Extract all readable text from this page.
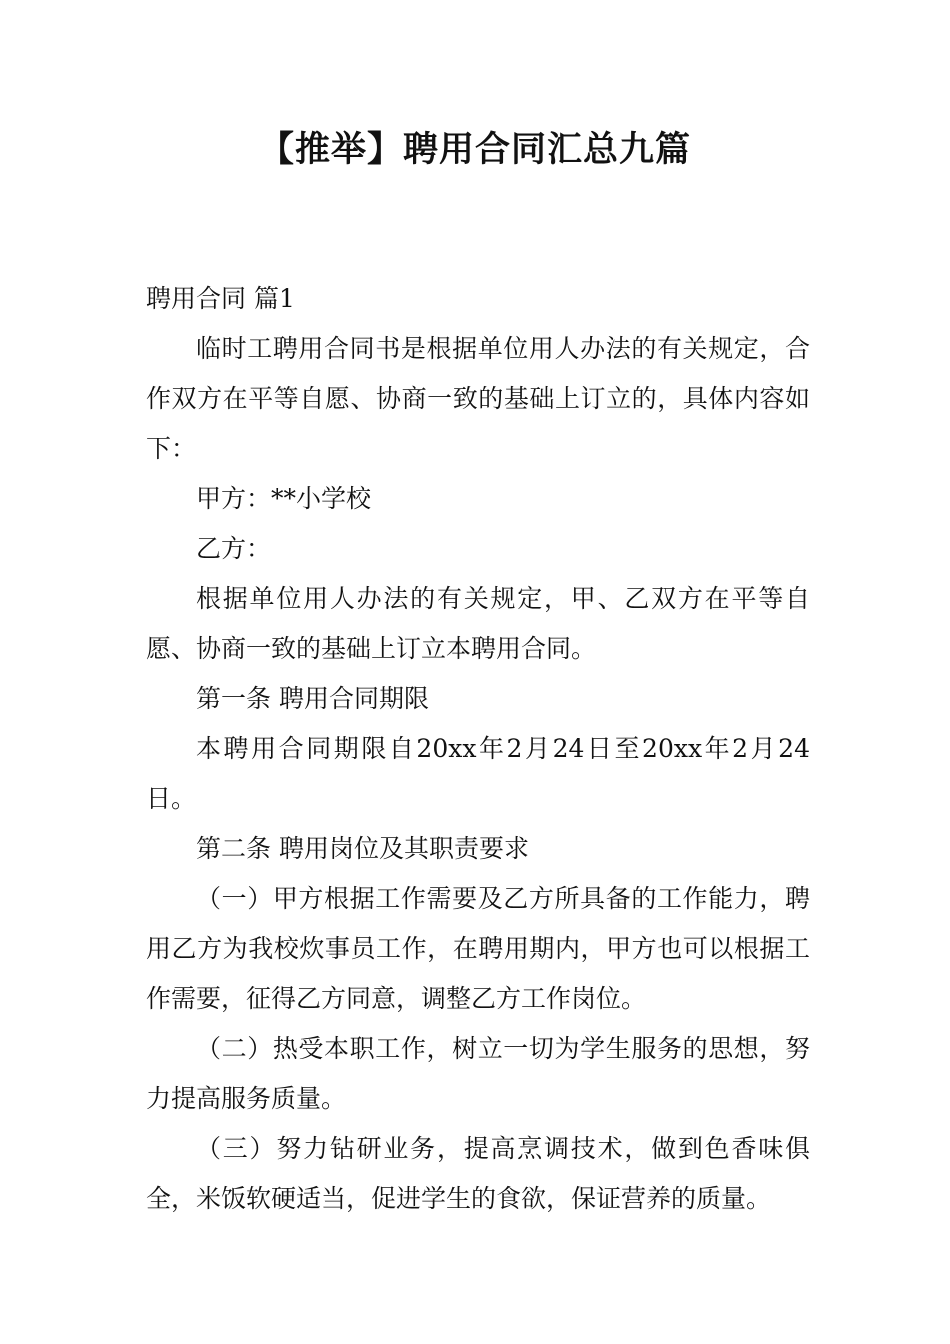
【推举】聘用合同汇总九篇

聘用合同 篇1

临时工聘用合同书是根据单位用人办法的有关规定，合作双方在平等自愿、协商一致的基础上订立的，具体内容如下：

甲方：**小学校

乙方：

根据单位用人办法的有关规定，甲、乙双方在平等自愿、协商一致的基础上订立本聘用合同。

第一条 聘用合同期限

本聘用合同期限自20xx年2月24日至20xx年2月24日。

第二条 聘用岗位及其职责要求

（一）甲方根据工作需要及乙方所具备的工作能力，聘用乙方为我校炊事员工作，在聘用期内，甲方也可以根据工作需要，征得乙方同意，调整乙方工作岗位。

（二）热受本职工作，树立一切为学生服务的思想，努力提高服务质量。

（三）努力钻研业务，提高烹调技术，做到色香味俱全，米饭软硬适当，促进学生的食欲，保证营养的质量。
